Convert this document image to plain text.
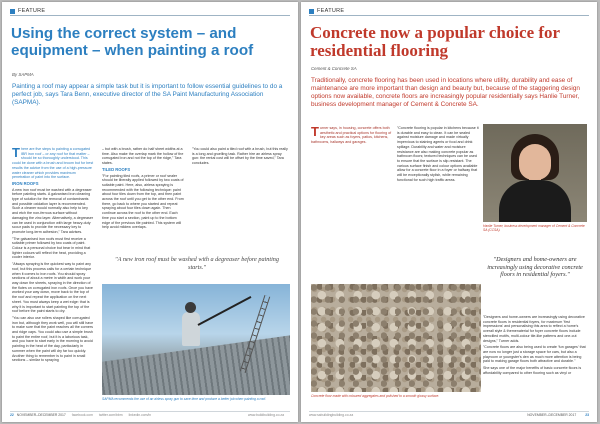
FEATURE
Using the correct system – and equipment – when painting a roof
By SAPMA
Painting a roof may appear a simple task but it is important to follow essential guidelines to do a perfect job, says Tara Benn, executive director of the SA Paint Manufacturing Association (SAPMA).

There are five steps to painting a corrugated IBR iron roof – or any roof for that matter – should be so thoroughly understood. This could be done with a brush and broom but for best results the advice from the use of a high-pressure water cleaner which provides maximum penetration of paint into the surface.

IRON ROOFS

A new iron roof must be washed with a degreaser before painting starts. A galvanised iron cleaning type of solution for the removal of contaminants and possible oxidation layer is recommended. Such a cleaner would normally also help to key and etch the non-ferrous surface without damaging the zinc layer. Alternatively, a degreaser can be used in conjunction with large heavy-duty scour pads to provide the necessary key to promote long-term adhesion," Tara advises.

"The galvanised iron roofs must first receive a suitable primer followed by two coats of paint. Colour is a personal choice but bear in mind that lighter colours will reflect the heat, providing a cooler interior.

"Always spraying is the quickest way to paint any roof, but this process calls for a certain technique when it comes to iron roofs. You should spray sections of about a metre in width and work your way down the sheets, spraying in the direction of the flutes on corrugated iron roofs. Once you have worked your way down, move back to the top of the roof and repeat the application on the next sheet. You must always keep a wet edge: that is why it is important to start painting the top of the roof before the paint starts to dry.

"You can also use rollers shaped like corrugated iron but, although they work well, you will still have to make sure that the paint reaches all the corners and ridge caps. You could also use a simple brush to paint the entire roof, but it is a laborious task, and you have to start early in the morning to avoid painting in the heat of the day, particularly in summer when the paint will dry far too quickly. Another thing to remember is to paint in small sections – similar to spraying

– but with a brush, rather do half sheet widths at a time. Also make the overlap mark the hollow of the corrugated iron and not the top of the ridge," Tara states.

TILED ROOFS

"For painting tiled roofs, a primer or roof sealer should be liberally applied followed by two coats of suitable paint. Here, also, airless spraying is recommended with the following technique: paint about four tiles down from the top, and then paint across the roof until you get to the other end. From there, go back to where you started and repeat spraying about four tiles down again. Then continue across the roof to the other end. Each time you start a section, paint up to the bottom edge of the previous tile painted. This system will help avoid mildew overlaps.

"You could also paint a tiled roof with a brush, but this really is a long and gruelling task. Rather hire an airless spray gun: the rental cost will be offset by the time saved," Tara concludes.

"A new iron roof must be washed with a degreaser before painting starts."
SAPMA recommends the use of an airless spray gun to save time and produce a better job when painting a roof.
22 NOVEMBER–DECEMBER 2017 facebook.com twitter.com/bbm linkedin.com/in	www.buildbuilding.co.za
FEATURE
Concrete now a popular choice for residential flooring
Cement & Concrete SA
Traditionally, concrete flooring has been used in locations where utility, durability and ease of maintenance are more important than design and beauty but, because of the staggering design options now available, concrete floors are increasingly popular residentially says Hanlie Turner, business development manager of Cement & Concrete SA.

Turner says, in housing, concrete offers both aesthetic and practical options for flooring of key areas such as foyers, patios, kitchens, bathrooms, hallways and garages.

"Concrete flooring is popular in kitchens because it is durable and easy to clean. It can be sealed against moisture damage and made virtually impervious to staining agents or food and drink spillage. Durability and water and moisture resistance are also making concrete popular as bathroom floors; textured techniques can be used to ensure that the surface is slip-resistant. The various surface finish and colour options available allow for a concrete floor in a foyer or hallway that will be exceptionally stylish, while remaining functional for such high traffic areas.

Hanlie Turner, business development manager of Cement & Concrete SA (CCSA).
"Designers and home-owners are increasingly using decorative concrete floors in residential foyers."

"Designers and home-owners are increasingly using decorative concrete floors in residential foyers, for maximum 'first impressions' and personalising this area to reflect a home's overall style & themenaterial for foyer concrete floors include stencilled motifs, multi-colour tile-like patterns and one-cut designs," Turner adds.

"Concrete floors are also being used to create 'fun garages' that are now no longer just a storage space for cars, but also a playroom or youngster's den as much more attention is being paid to making garage floors both attractive and durable."

She says one of the major benefits of basic concrete floors is affordability compared to other flooring such as vinyl or

Concrete floor made with coloured aggregates and polished to a smooth glossy surface.
www.sabuildingbuilding.co.za	NOVEMBER–DECEMBER 2017	23
